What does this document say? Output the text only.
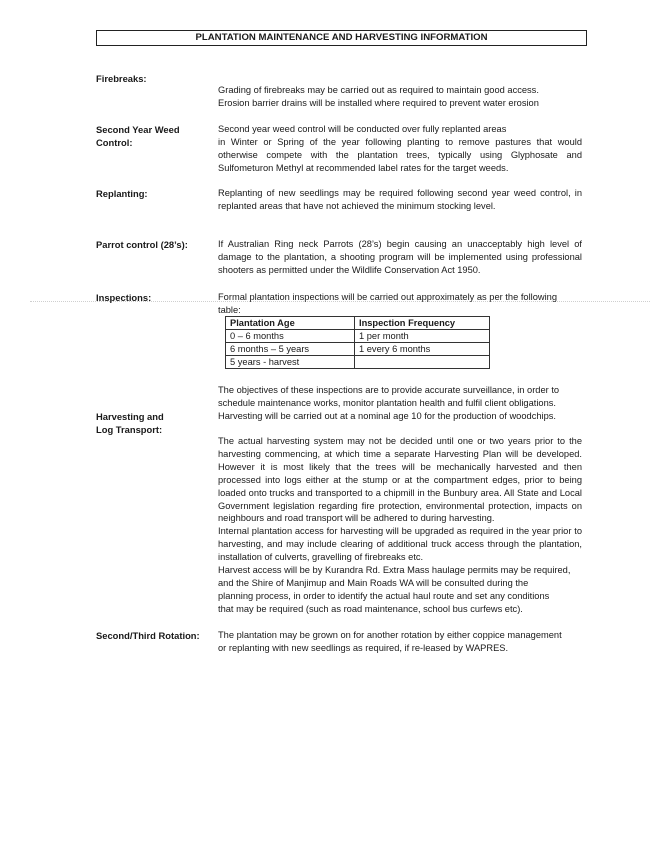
PLANTATION MAINTENANCE AND HARVESTING INFORMATION
Firebreaks:

Grading of firebreaks may be carried out as required to maintain good access.

Erosion barrier drains will be installed where required to prevent water erosion

Second Year Weed
Control:

Second year weed control will be conducted over fully replanted areas

in Winter or Spring of the year following planting to remove pastures that would otherwise compete with the plantation trees, typically using Glyphosate and Sulfometuron Methyl at recommended label rates for the target weeds.

Replanting:	Replanting of new seedlings may be required following second year weed control, in replanted areas that have not achieved the minimum stocking level.
Parrot control (28’s):	If Australian Ring neck Parrots (28’s) begin causing an unacceptably high level of damage to the plantation, a shooting program will be implemented using professional shooters as permitted under the Wildlife Conservation Act 1950.
Inspections:	Formal plantation inspections will be carried out approximately as per the following table:
Plantation Age	Inspection Frequency
0 – 6 months	1 per month
6 months – 5 years	1 every 6 months
5 years - harvest	

The objectives of these inspections are to provide accurate surveillance, in order to

schedule maintenance works, monitor plantation health and fulfil client obligations.

Harvesting will be carried out at a nominal age 10 for the production of woodchips.

Harvesting and
Log Transport:

The actual harvesting system may not be decided until one or two years prior to the harvesting commencing, at which time a separate Harvesting Plan will be developed. However it is most likely that the trees will be mechanically harvested and then processed into logs either at the stump or at the compartment edges, prior to being loaded onto trucks and transported to a chipmill in the Bunbury area. All State and Local Government legislation regarding fire protection, environmental protection, impacts on neighbours and road transport will be adhered to during harvesting.

Internal plantation access for harvesting will be upgraded as required in the year prior to harvesting, and may include clearing of additional truck access through the plantation, installation of culverts, gravelling of firebreaks etc.

Harvest access will be by Kurandra Rd. Extra Mass haulage permits may be required,

and the Shire of Manjimup and Main Roads WA will be consulted during the

planning process, in order to identify the actual haul route and set any conditions

that may be required (such as road maintenance, school bus curfews etc).

Second/Third Rotation:	The plantation may be grown on for another rotation by either coppice management

or replanting with new seedlings as required, if re-leased by WAPRES.
